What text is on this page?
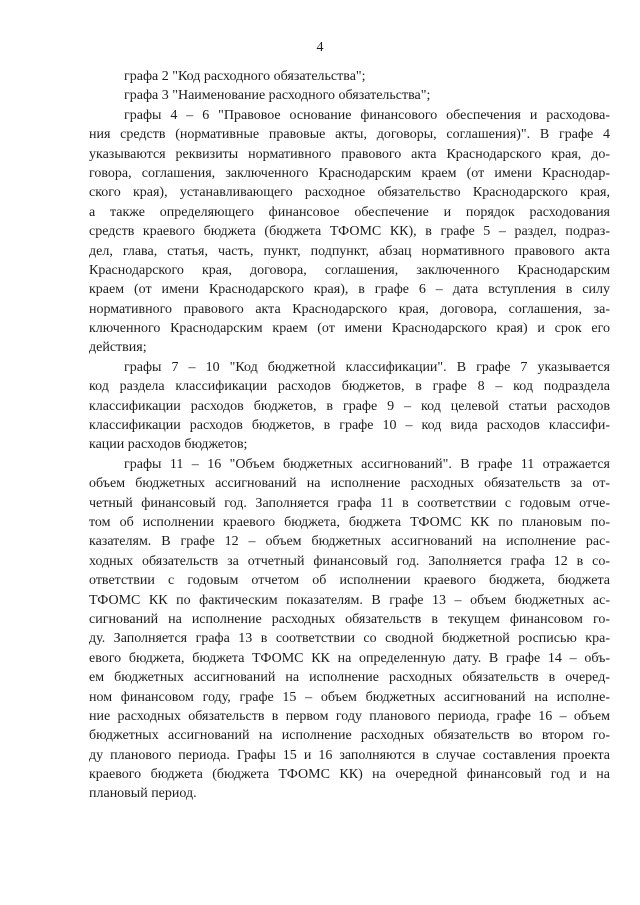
4
графа 2 "Код расходного обязательства";
графа 3 "Наименование расходного обязательства";
графы 4 – 6 "Правовое основание финансового обеспечения и расходова-
ния средств (нормативные правовые акты, договоры, соглашения)". В графе 4
указываются реквизиты нормативного правового акта Краснодарского края, до-
говора, соглашения, заключенного Краснодарским краем (от имени Краснодар-
ского края), устанавливающего расходное обязательство Краснодарского края,
а также определяющего финансовое обеспечение и порядок расходования
средств краевого бюджета (бюджета ТФОМС КК), в графе 5 – раздел, подраз-
дел, глава, статья, часть, пункт, подпункт, абзац нормативного правового акта
Краснодарского края, договора, соглашения, заключенного Краснодарским
краем (от имени Краснодарского края), в графе 6 – дата вступления в силу
нормативного правового акта Краснодарского края, договора, соглашения, за-
ключенного Краснодарским краем (от имени Краснодарского края) и срок его
действия;
графы 7 – 10 "Код бюджетной классификации". В графе 7 указывается
код раздела классификации расходов бюджетов, в графе 8 – код подраздела
классификации расходов бюджетов, в графе 9 – код целевой статьи расходов
классификации расходов бюджетов, в графе 10 – код вида расходов классифи-
кации расходов бюджетов;
графы 11 – 16 "Объем бюджетных ассигнований". В графе 11 отражается
объем бюджетных ассигнований на исполнение расходных обязательств за от-
четный финансовый год. Заполняется графа 11 в соответствии с годовым отче-
том об исполнении краевого бюджета, бюджета ТФОМС КК по плановым по-
казателям. В графе 12 – объем бюджетных ассигнований на исполнение рас-
ходных обязательств за отчетный финансовый год. Заполняется графа 12 в со-
ответствии с годовым отчетом об исполнении краевого бюджета, бюджета
ТФОМС КК по фактическим показателям. В графе 13 – объем бюджетных ас-
сигнований на исполнение расходных обязательств в текущем финансовом го-
ду. Заполняется графа 13 в соответствии со сводной бюджетной росписью кра-
евого бюджета, бюджета ТФОМС КК на определенную дату. В графе 14 – объ-
ем бюджетных ассигнований на исполнение расходных обязательств в очеред-
ном финансовом году, графе 15 – объем бюджетных ассигнований на исполне-
ние расходных обязательств в первом году планового периода, графе 16 – объем
бюджетных ассигнований на исполнение расходных обязательств во втором го-
ду планового периода. Графы 15 и 16 заполняются в случае составления проекта
краевого бюджета (бюджета ТФОМС КК) на очередной финансовый год и на
плановый период.
